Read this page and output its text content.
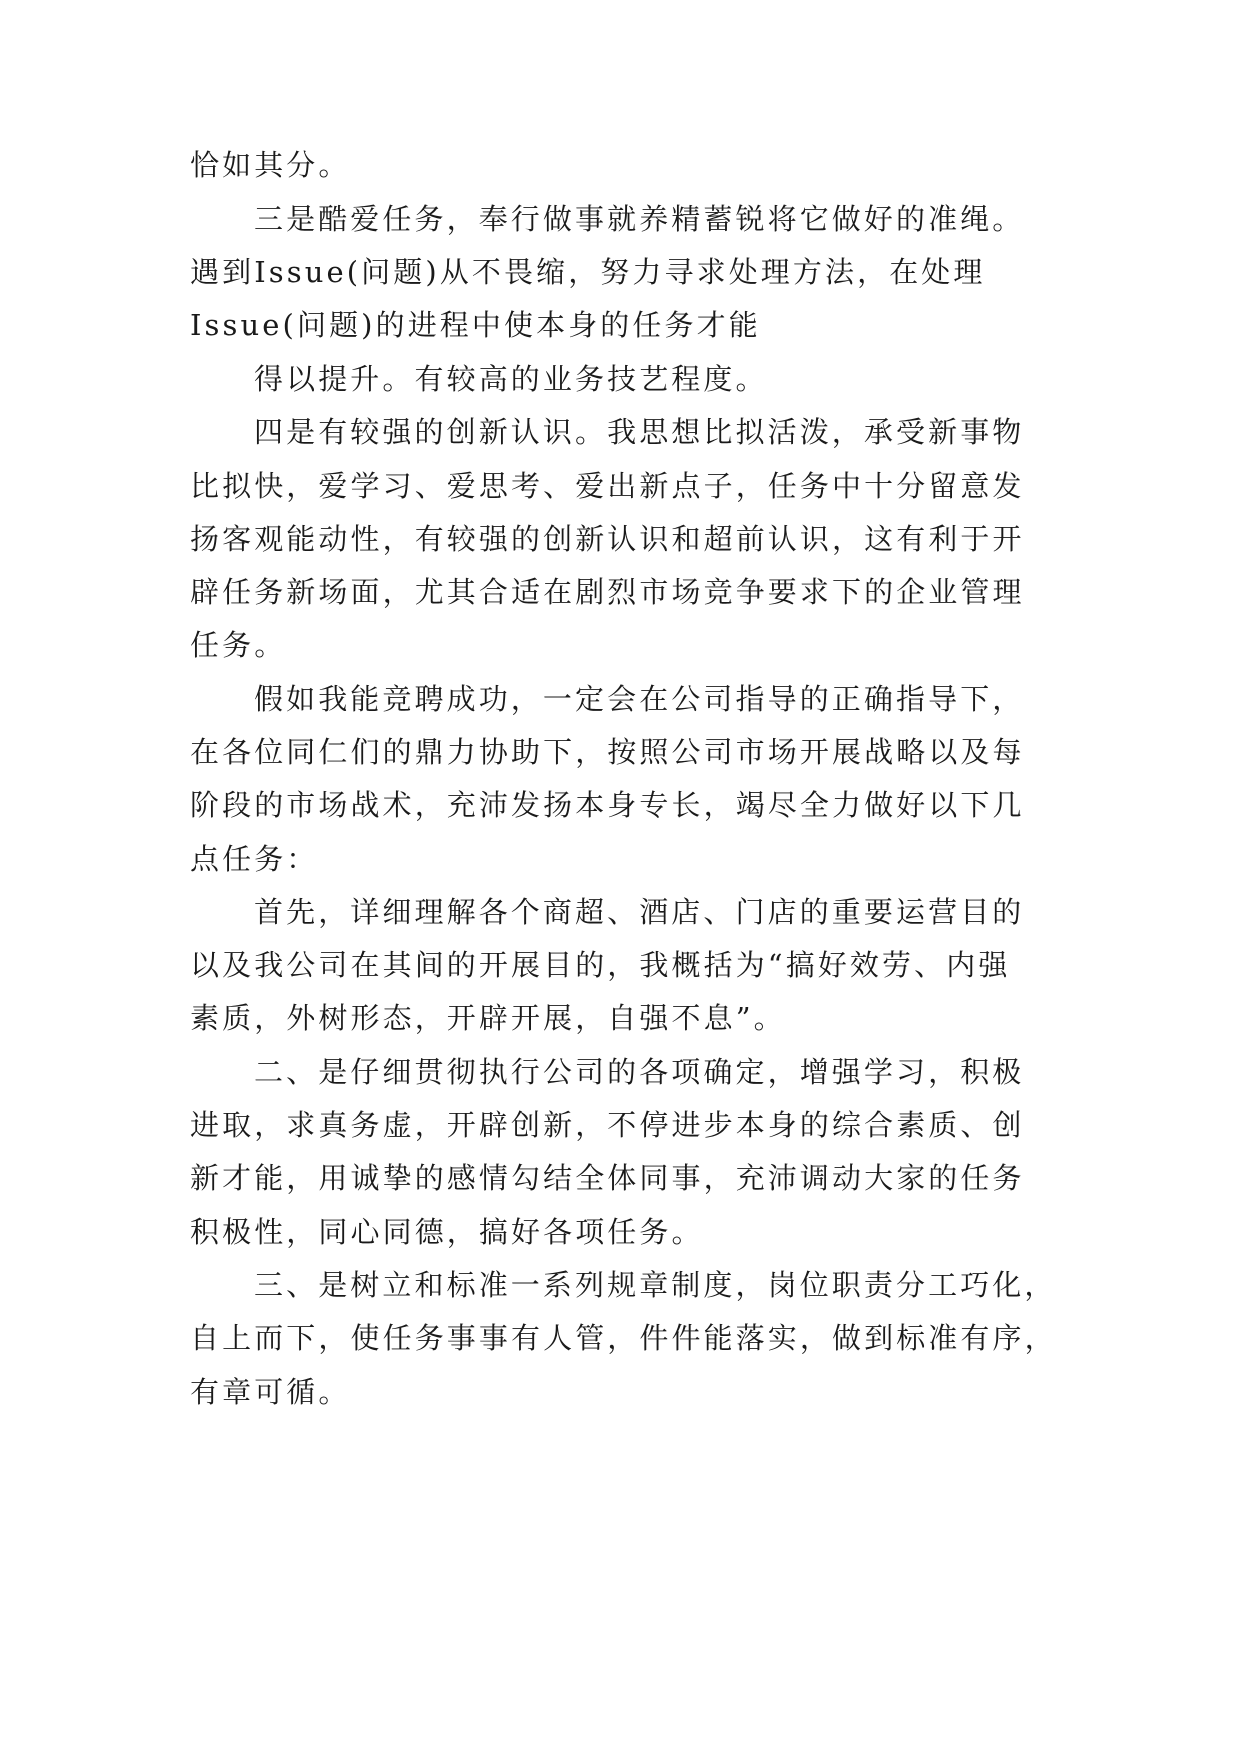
恰如其分。
三是酷爱任务，奉行做事就养精蓄锐将它做好的准绳。
遇到Issue(问题)从不畏缩，努力寻求处理方法，在处理
Issue(问题)的进程中使本身的任务才能
得以提升。有较高的业务技艺程度。
四是有较强的创新认识。我思想比拟活泼，承受新事物
比拟快，爱学习、爱思考、爱出新点子，任务中十分留意发
扬客观能动性，有较强的创新认识和超前认识，这有利于开
辟任务新场面，尤其合适在剧烈市场竞争要求下的企业管理
任务。
假如我能竞聘成功，一定会在公司指导的正确指导下，
在各位同仁们的鼎力协助下，按照公司市场开展战略以及每
阶段的市场战术，充沛发扬本身专长，竭尽全力做好以下几
点任务：
首先，详细理解各个商超、酒店、门店的重要运营目的
以及我公司在其间的开展目的，我概括为“搞好效劳、内强
素质，外树形态，开辟开展，自强不息”。
二、是仔细贯彻执行公司的各项确定，增强学习，积极
进取，求真务虚，开辟创新，不停进步本身的综合素质、创
新才能，用诚挚的感情勾结全体同事，充沛调动大家的任务
积极性，同心同德，搞好各项任务。
三、是树立和标准一系列规章制度，岗位职责分工巧化，
自上而下，使任务事事有人管，件件能落实，做到标准有序，
有章可循。
